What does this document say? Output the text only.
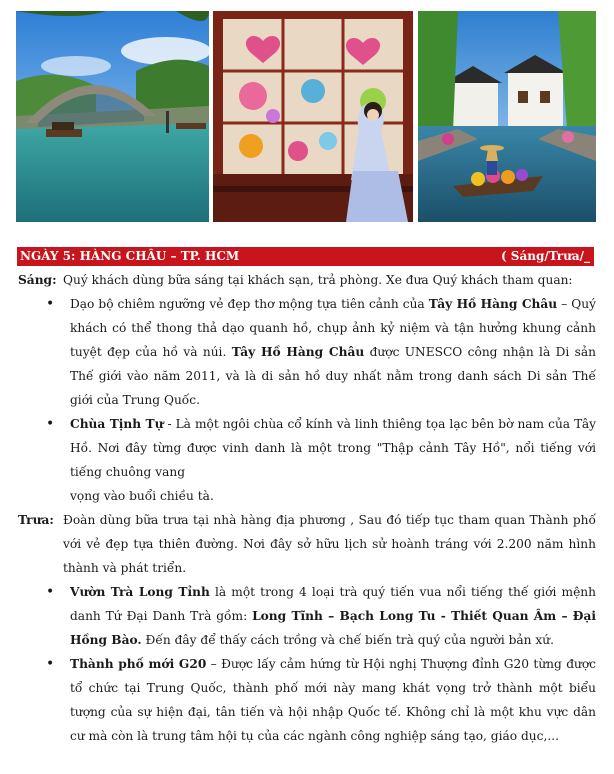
NGÀY 5: HÀNG CHÂU – TP. HCM	( Sáng/Trưa/_
Sáng: Quý khách dùng bữa sáng tại khách sạn, trả phòng. Xe đưa Quý khách tham quan:
• Dạo bộ chiêm ngưỡng vẻ đẹp thơ mộng tựa tiên cảnh của Tây Hồ Hàng Châu – Quý khách có thể thong thả dạo quanh hồ, chụp ảnh kỷ niệm và tận hưởng khung cảnh tuyệt đẹp của hồ và núi. Tây Hồ Hàng Châu được UNESCO công nhận là Di sản Thế giới vào năm 2011, và là di sản hồ duy nhất nằm trong danh sách Di sản Thế giới của Trung Quốc.
• Chùa Tịnh Tự - Là một ngôi chùa cổ kính và linh thiêng tọa lạc bên bờ nam của Tây Hồ. Nơi đây từng được vinh danh là một trong "Thập cảnh Tây Hồ", nổi tiếng với tiếng chuông vang
vọng vào buổi chiều tà.
Trưa: Đoàn dùng bữa trưa tại nhà hàng địa phương , Sau đó tiếp tục tham quan Thành phố với vẻ đẹp tựa thiên đường. Nơi đây sở hữu lịch sử hoành tráng với 2.200 năm hình thành và phát triển.
• Vườn Trà Long Tỉnh là một trong 4 loại trà quý tiến vua nổi tiếng thế giới mệnh danh Tứ Đại Danh Trà gồm: Long Tĩnh – Bạch Long Tu - Thiết Quan Âm – Đại Hồng Bào. Đến đây để thấy cách trồng và chế biến trà quý của người bản xứ.
• Thành phố mới G20 – Được lấy cảm hứng từ Hội nghị Thượng đỉnh G20 từng được tổ chức tại Trung Quốc, thành phố mới này mang khát vọng trở thành một biểu tượng của sự hiện đại, tân tiến và hội nhập Quốc tế. Không chỉ là một khu vực dân cư mà còn là trung tâm hội tụ của các ngành công nghiệp sáng tạo, giáo dục,...
